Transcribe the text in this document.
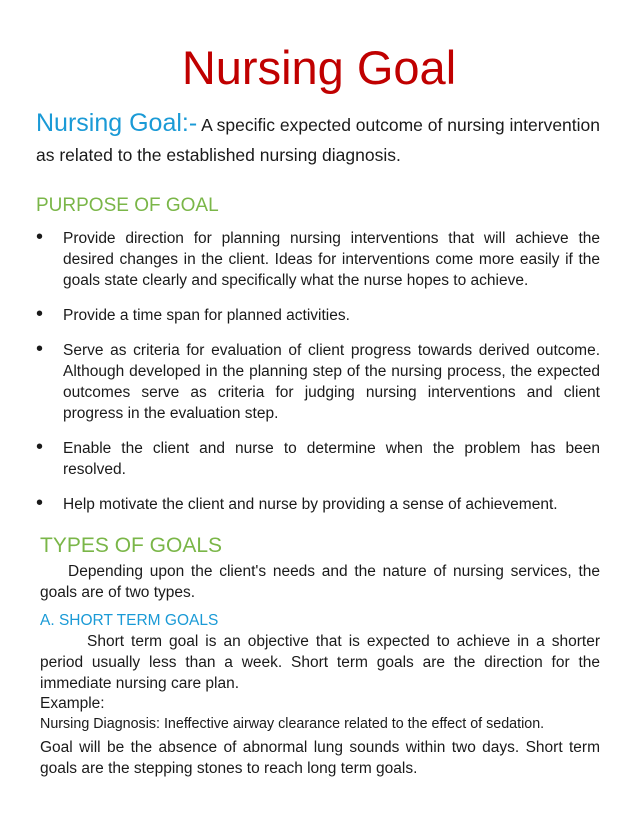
Nursing Goal

Nursing Goal:- A specific expected outcome of nursing intervention as related to the established nursing diagnosis.

PURPOSE OF GOAL
• Provide direction for planning nursing interventions that will achieve the desired changes in the client. Ideas for interventions come more easily if the goals state clearly and specifically what the nurse hopes to achieve.
• Provide a time span for planned activities.
• Serve as criteria for evaluation of client progress towards derived outcome. Although developed in the planning step of the nursing process, the expected outcomes serve as criteria for judging nursing interventions and client progress in the evaluation step.
• Enable the client and nurse to determine when the problem has been resolved.
• Help motivate the client and nurse by providing a sense of achievement.
TYPES OF GOALS

Depending upon the client's needs and the nature of nursing services, the goals are of two types.

A. SHORT TERM GOALS

Short term goal is an objective that is expected to achieve in a shorter period usually less than a week. Short term goals are the direction for the immediate nursing care plan.

Example:

Nursing Diagnosis: Ineffective airway clearance related to the effect of sedation.

Goal will be the absence of abnormal lung sounds within two days. Short term goals are the stepping stones to reach long term goals.
